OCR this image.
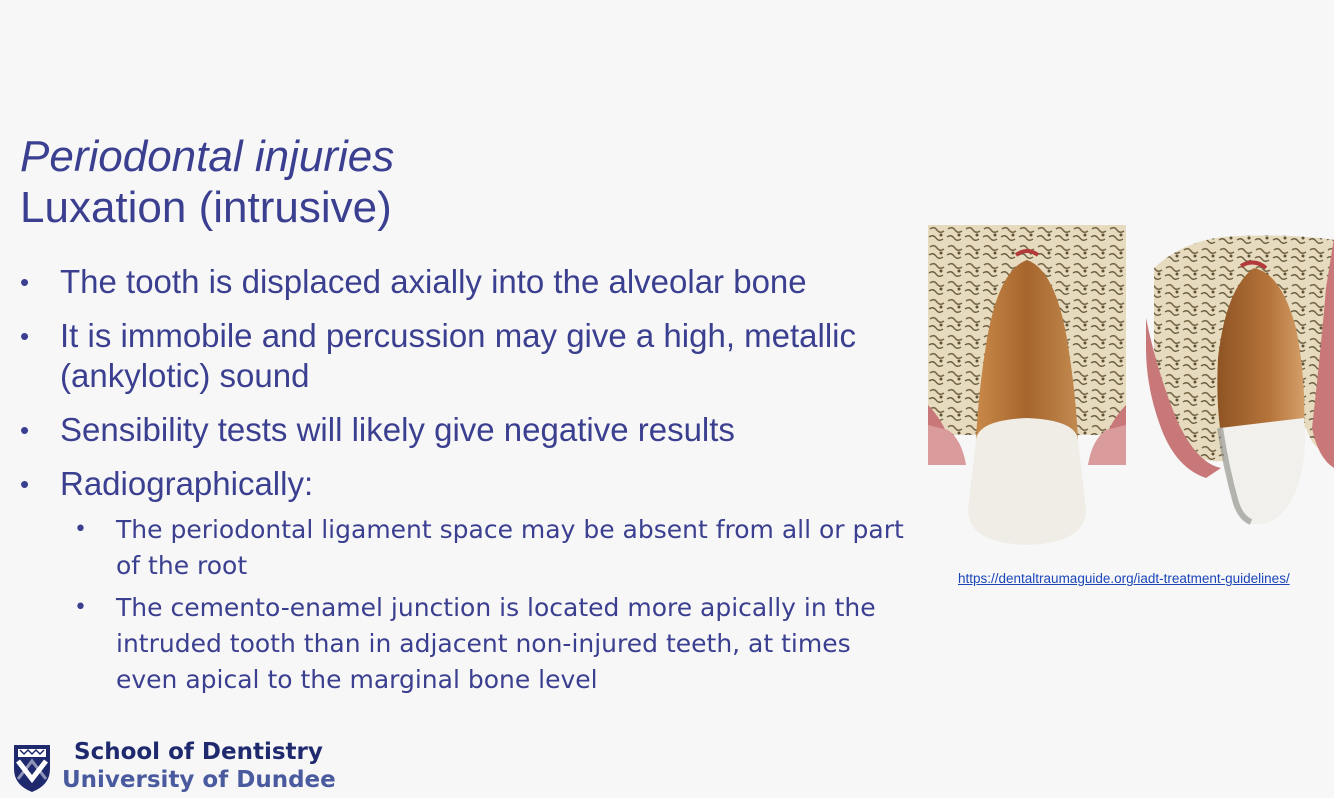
Periodontal injuries
Luxation (intrusive)
• The tooth is displaced axially into the alveolar bone
• It is immobile and percussion may give a high, metallic (ankylotic) sound
• Sensibility tests will likely give negative results
• Radiographically:
• The periodontal ligament space may be absent from all or part of the root
• The cemento-enamel junction is located more apically in the intruded tooth than in adjacent non-injured teeth, at times even apical to the marginal bone level
https://dentaltraumaguide.org/iadt-treatment-guidelines/
School of Dentistry
University of Dundee
